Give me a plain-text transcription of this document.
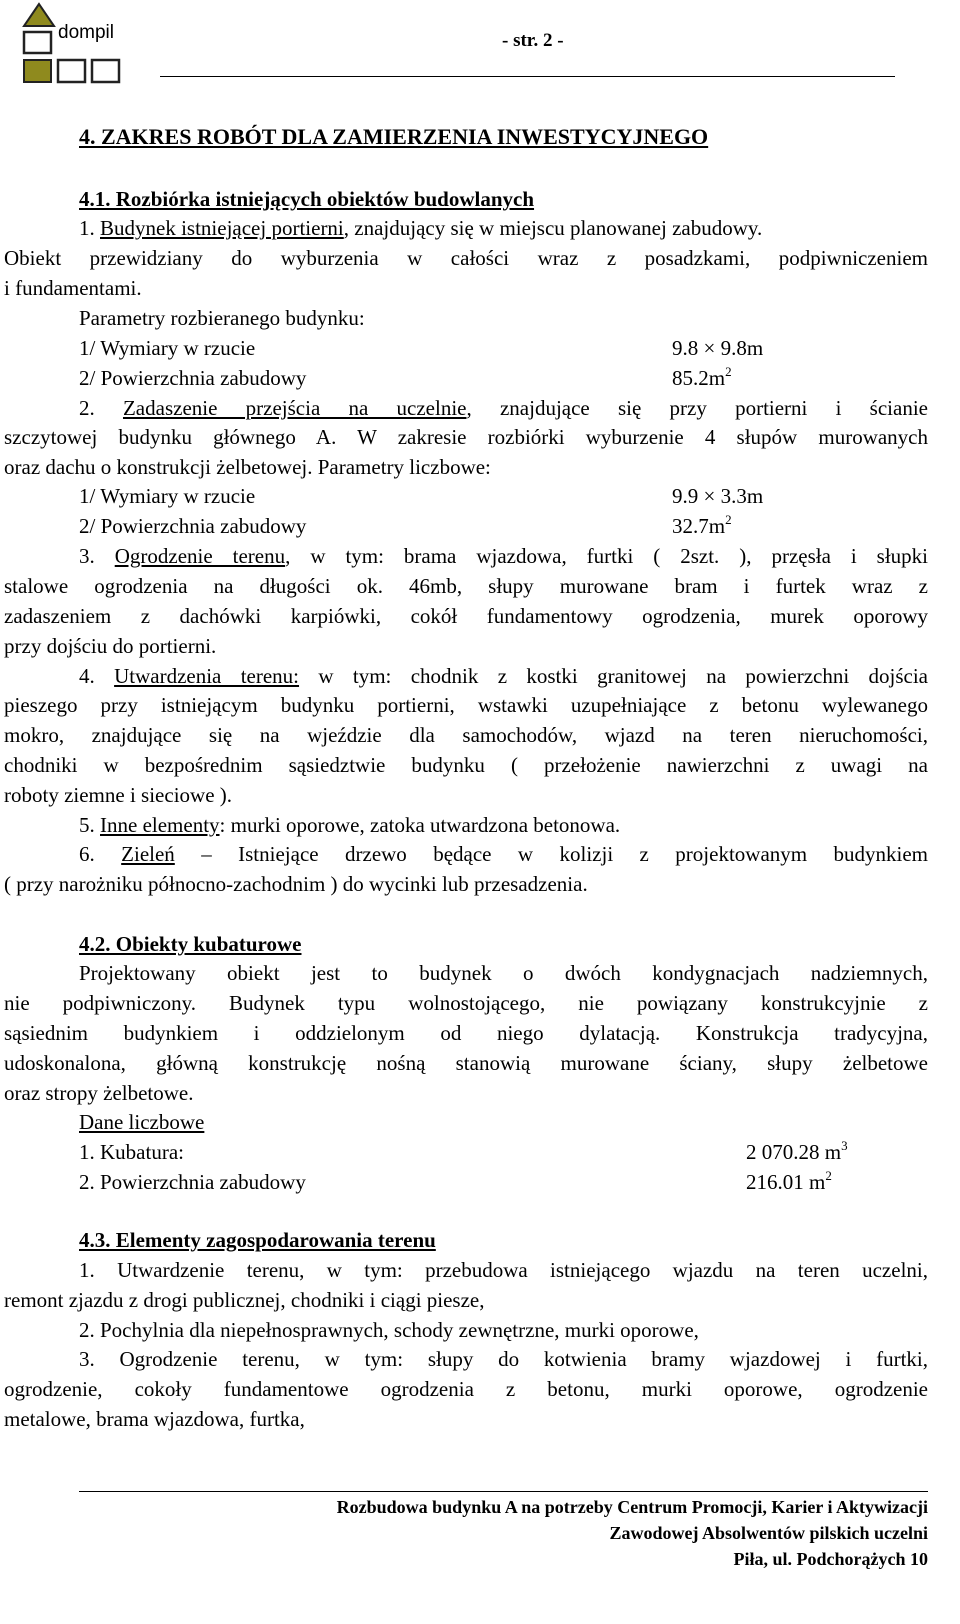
dompil	- str. 2 -
4. ZAKRES ROBÓT DLA ZAMIERZENIA INWESTYCYJNEGO
4.1. Rozbiórka istniejących obiektów budowlanych
1. Budynek istniejącej portierni, znajdujący się w miejscu planowanej zabudowy.
Obiekt przewidziany do wyburzenia w całości wraz z posadzkami, podpiwniczeniem
i fundamentami.
Parametry rozbieranego budynku:
1/ Wymiary w rzucie	9.8 × 9.8m
2/ Powierzchnia zabudowy	$85.2m^2$
2. Zadaszenie przejścia na uczelnie, znajdujące się przy portierni i ścianie
szczytowej budynku głównego A. W zakresie rozbiórki wyburzenie 4 słupów murowanych
oraz dachu o konstrukcji żelbetowej. Parametry liczbowe:
1/ Wymiary w rzucie	9.9 × 3.3m
2/ Powierzchnia zabudowy	$32.7m^2$
3. Ogrodzenie terenu, w tym: brama wjazdowa, furtki ( 2szt. ), przęsła i słupki
stalowe ogrodzenia na długości ok. 46mb, słupy murowane bram i furtek wraz z
zadaszeniem z dachówki karpiówki, cokół fundamentowy ogrodzenia, murek oporowy
przy dojściu do portierni.
4. Utwardzenia terenu: w tym: chodnik z kostki granitowej na powierzchni dojścia
pieszego przy istniejącym budynku portierni, wstawki uzupełniające z betonu wylewanego
mokro, znajdujące się na wjeździe dla samochodów, wjazd na teren nieruchomości,
chodniki w bezpośrednim sąsiedztwie budynku ( przełożenie nawierzchni z uwagi na
roboty ziemne i sieciowe ).
5. Inne elementy: murki oporowe, zatoka utwardzona betonowa.
6. Zieleń – Istniejące drzewo będące w kolizji z projektowanym budynkiem
( przy narożniku północno-zachodnim ) do wycinki lub przesadzenia.
4.2. Obiekty kubaturowe
Projektowany obiekt jest to budynek o dwóch kondygnacjach nadziemnych,
nie podpiwniczony. Budynek typu wolnostojącego, nie powiązany konstrukcyjnie z
sąsiednim budynkiem i oddzielonym od niego dylatacją. Konstrukcja tradycyjna,
udoskonalona, główną konstrukcję nośną stanowią murowane ściany, słupy żelbetowe
oraz stropy żelbetowe.
Dane liczbowe
1. Kubatura:	2 070.28 $m^3$
2. Powierzchnia zabudowy	216.01 $m^2$
4.3. Elementy zagospodarowania terenu
1. Utwardzenie terenu, w tym: przebudowa istniejącego wjazdu na teren uczelni,
remont zjazdu z drogi publicznej, chodniki i ciągi piesze,
2. Pochylnia dla niepełnosprawnych, schody zewnętrzne, murki oporowe,
3. Ogrodzenie terenu, w tym: słupy do kotwienia bramy wjazdowej i furtki,
ogrodzenie, cokoły fundamentowe ogrodzenia z betonu, murki oporowe, ogrodzenie
metalowe, brama wjazdowa, furtka,
Rozbudowa budynku A na potrzeby Centrum Promocji, Karier i Aktywizacji
Zawodowej Absolwentów pilskich uczelni
Piła, ul. Podchorążych 10
